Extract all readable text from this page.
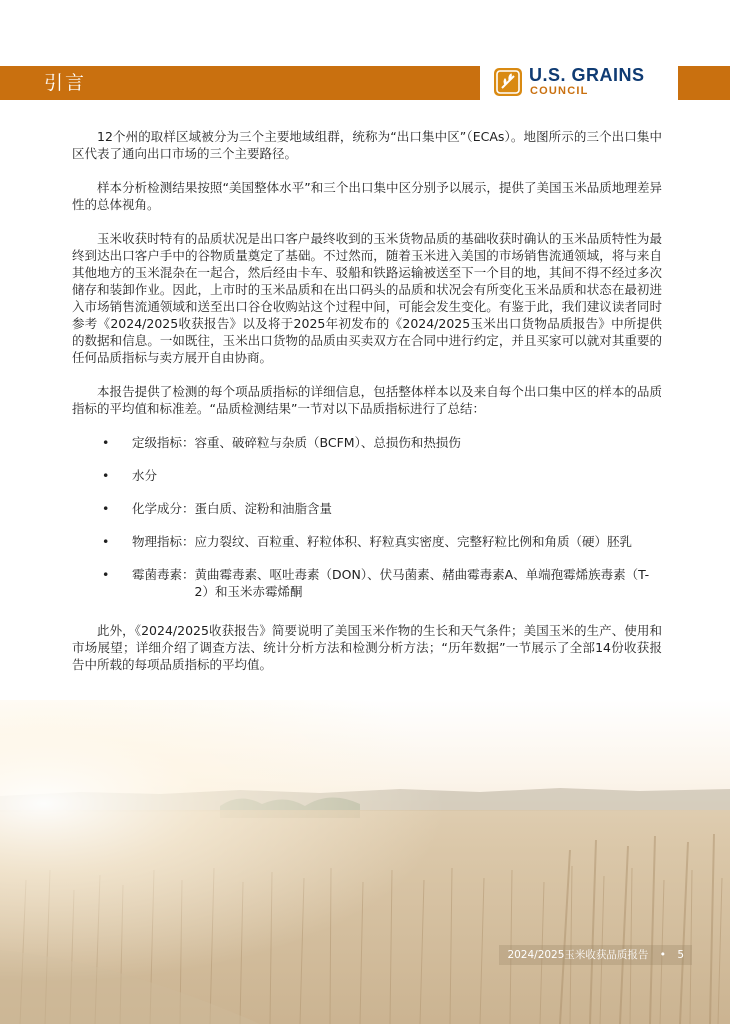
引言	U.S. GRAINS
COUNCIL

12个州的取样区域被分为三个主要地域组群，统称为“出口集中区”（ECAs）。地图所示的三个出口集中区代表了通向出口市场的三个主要路径。

样本分析检测结果按照“美国整体水平”和三个出口集中区分别予以展示，提供了美国玉米品质地理差异性的总体视角。

玉米收获时特有的品质状况是出口客户最终收到的玉米货物品质的基础收获时确认的玉米品质特性为最终到达出口客户手中的谷物质量奠定了基础。不过然而，随着玉米进入美国的市场销售流通领域，将与来自其他地方的玉米混杂在一起合，然后经由卡车、驳船和铁路运输被送至下一个目的地，其间不得不经过多次储存和装卸作业。因此，上市时的玉米品质和在出口码头的品质和状况会有所变化玉米品质和状态在最初进入市场销售流通领域和送至出口谷仓收购站这个过程中间，可能会发生变化。有鉴于此，我们建议读者同时参考《2024/2025收获报告》以及将于2025年初发布的《2024/2025玉米出口货物品质报告》中所提供的数据和信息。一如既往，玉米出口货物的品质由买卖双方在合同中进行约定，并且买家可以就对其重要的任何品质指标与卖方展开自由协商。

本报告提供了检测的每个项品质指标的详细信息，包括整体样本以及来自每个出口集中区的样本的品质指标的平均值和标准差。“品质检测结果”一节对以下品质指标进行了总结：

•	定级指标： 容重、破碎粒与杂质（BCFM）、总损伤和热损伤
•	水分
•	化学成分： 蛋白质、淀粉和油脂含量
•	物理指标： 应力裂纹、百粒重、籽粒体积、籽粒真实密度、完整籽粒比例和角质（硬）胚乳
•	霉菌毒素： 黄曲霉毒素、呕吐毒素（DON）、伏马菌素、赭曲霉毒素A、单端孢霉烯族毒素（T-2）和玉米赤霉烯酮

此外，《2024/2025收获报告》简要说明了美国玉米作物的生长和天气条件；美国玉米的生产、使用和市场展望；详细介绍了调查方法、统计分析方法和检测分析方法；“历年数据”一节展示了全部14份收获报告中所载的每项品质指标的平均值。

2024/2025玉米收获品质报告 • 5
